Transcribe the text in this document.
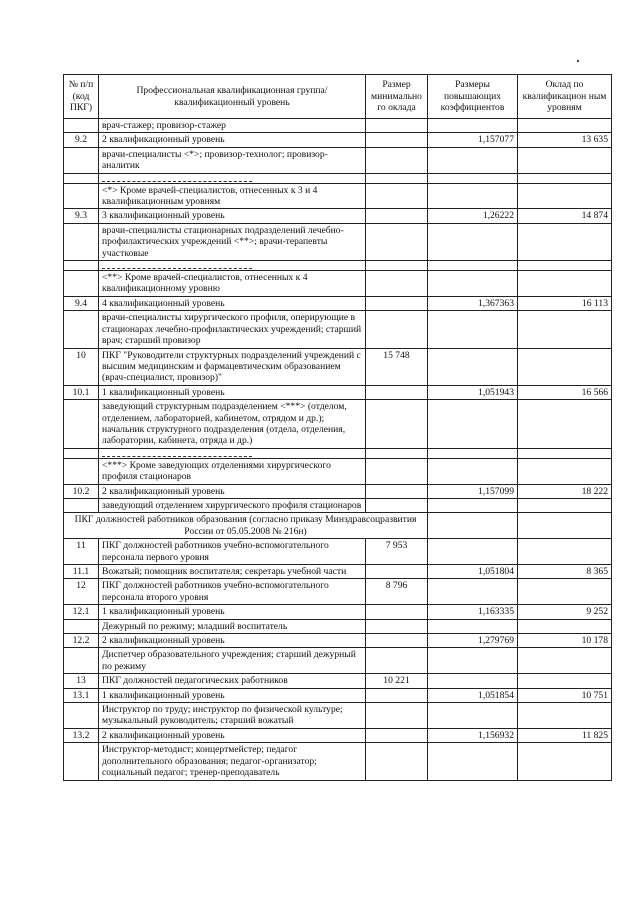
№ п/п (код ПКГ)	Профессиональная квалификационная группа/квалификационный уровень	Размер минимально го оклада	Размеры повышающих коэффициентов	Оклад по квалификацион ным уровням
	врач-стажер; провизор-стажер			
9.2	2 квалификационный уровень		1,157077	13 635
	врачи-специалисты <*>; провизор-технолог; провизор-аналитик			

	<*> Кроме врачей-специалистов, отнесенных к 3 и 4 квалификационным уровням			
9.3	3 квалификационный уровень		1,26222	14 874
	врачи-специалисты стационарных подразделений лечебно-профилактических учреждений <**>; врачи-терапевты участковые			

	<**> Кроме врачей-специалистов, отнесенных к 4 квалификационному уровню			
9.4	4 квалификационный уровень		1,367363	16 113
	врачи-специалисты хирургического профиля, оперирующие в стационарах лечебно-профилактических учреждений; старший врач; старший провизор			
10	ПКГ "Руководители структурных подразделений учреждений с высшим медицинским и фармацевтическим образованием (врач-специалист, провизор)"	15 748		
10.1	1 квалификационный уровень		1,051943	16 566
	заведующий структурным подразделением <***> (отделом, отделением, лабораторией, кабинетом, отрядом и др.); начальник структурного подразделения (отдела, отделения, лаборатории, кабинета, отряда и др.)			

	<***> Кроме заведующих отделениями хирургического профиля стационаров			
10.2	2 квалификационный уровень		1,157099	18 222
	заведующий отделением хирургического профиля стационаров			
ПКГ должностей работников образования (согласно приказу Минздравсоцразвития России от 05.05.2008 № 216н)				
11	ПКГ должностей работников учебно-вспомогательного персонала первого уровня	7 953		
11.1	Вожатый; помощник воспитателя; секретарь учебной части		1,051804	8 365
12	ПКГ должностей работников учебно-вспомогательного персонала второго уровня	8 796		
12.1	1 квалификационный уровень		1,163335	9 252
	Дежурный по режиму; младший воспитатель			
12.2	2 квалификационный уровень		1,279769	10 178
	Диспетчер образовательного учреждения; старший дежурный по режиму			
13	ПКГ должностей педагогических работников	10 221		
13.1	1 квалификационный уровень		1,051854	10 751
	Инструктор по труду; инструктор по физической культуре; музыкальный руководитель; старший вожатый			
13.2	2 квалификационный уровень		1,156932	11 825
	Инструктор-методист; концертмейстер; педагог дополнительного образования; педагог-организатор; социальный педагог; тренер-преподаватель			
